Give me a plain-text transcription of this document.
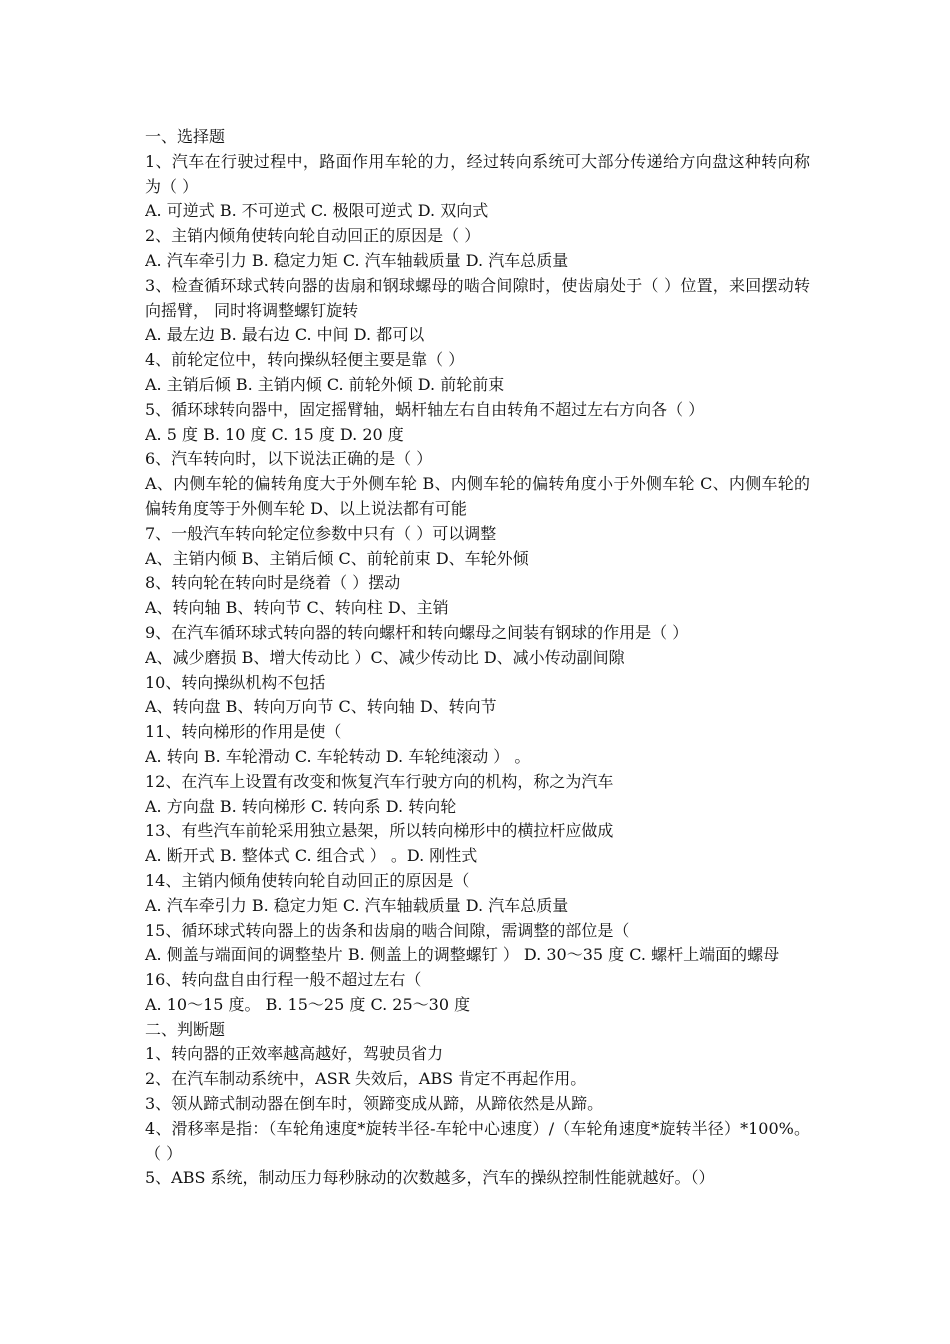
一、选择题
1、汽车在行驶过程中，路面作用车轮的力，经过转向系统可大部分传递给方向盘这种转向称为（ ）
A. 可逆式 B. 不可逆式 C. 极限可逆式 D. 双向式
2、主销内倾角使转向轮自动回正的原因是（ ）
A. 汽车牵引力 B. 稳定力矩 C. 汽车轴载质量 D. 汽车总质量
3、检查循环球式转向器的齿扇和钢球螺母的啮合间隙时，使齿扇处于（ ）位置，来回摆动转向摇臂， 同时将调整螺钉旋转
A. 最左边 B. 最右边 C. 中间 D. 都可以
4、前轮定位中，转向操纵轻便主要是靠（ ）
A. 主销后倾 B. 主销内倾 C. 前轮外倾 D. 前轮前束
5、循环球转向器中，固定摇臂轴，蜗杆轴左右自由转角不超过左右方向各（ ）
A. 5 度 B. 10 度 C. 15 度 D. 20 度
6、汽车转向时，以下说法正确的是（ ）
A、内侧车轮的偏转角度大于外侧车轮 B、内侧车轮的偏转角度小于外侧车轮 C、内侧车轮的偏转角度等于外侧车轮 D、以上说法都有可能
7、一般汽车转向轮定位参数中只有（ ）可以调整
A、主销内倾 B、主销后倾 C、前轮前束 D、车轮外倾
8、转向轮在转向时是绕着（ ）摆动
A、转向轴 B、转向节 C、转向柱 D、主销
9、在汽车循环球式转向器的转向螺杆和转向螺母之间装有钢球的作用是（ ）
A、减少磨损 B、增大传动比 ）C、减少传动比 D、减小传动副间隙
10、转向操纵机构不包括
A、转向盘 B、转向万向节 C、转向轴 D、转向节
11、转向梯形的作用是使（
A. 转向 B. 车轮滑动 C. 车轮转动 D. 车轮纯滚动 ） 。
12、在汽车上设置有改变和恢复汽车行驶方向的机构，称之为汽车
A. 方向盘 B. 转向梯形 C. 转向系 D. 转向轮
13、有些汽车前轮采用独立悬架，所以转向梯形中的横拉杆应做成
A. 断开式 B. 整体式 C. 组合式 ） 。D. 刚性式
14、主销内倾角使转向轮自动回正的原因是（
A. 汽车牵引力 B. 稳定力矩 C. 汽车轴载质量 D. 汽车总质量
15、循环球式转向器上的齿条和齿扇的啮合间隙，需调整的部位是（
A. 侧盖与端面间的调整垫片 B. 侧盖上的调整螺钉 ） D. 30～35 度 C. 螺杆上端面的螺母
16、转向盘自由行程一般不超过左右（
A. 10～15 度。 B. 15～25 度 C. 25～30 度
二、判断题
1、转向器的正效率越高越好，驾驶员省力
2、在汽车制动系统中，ASR 失效后，ABS 肯定不再起作用。
3、领从蹄式制动器在倒车时，领蹄变成从蹄，从蹄依然是从蹄。
4、滑移率是指：（车轮角速度*旋转半径-车轮中心速度）/（车轮角速度*旋转半径）*100%。（ ）
5、ABS 系统，制动压力每秒脉动的次数越多，汽车的操纵控制性能就越好。（）
